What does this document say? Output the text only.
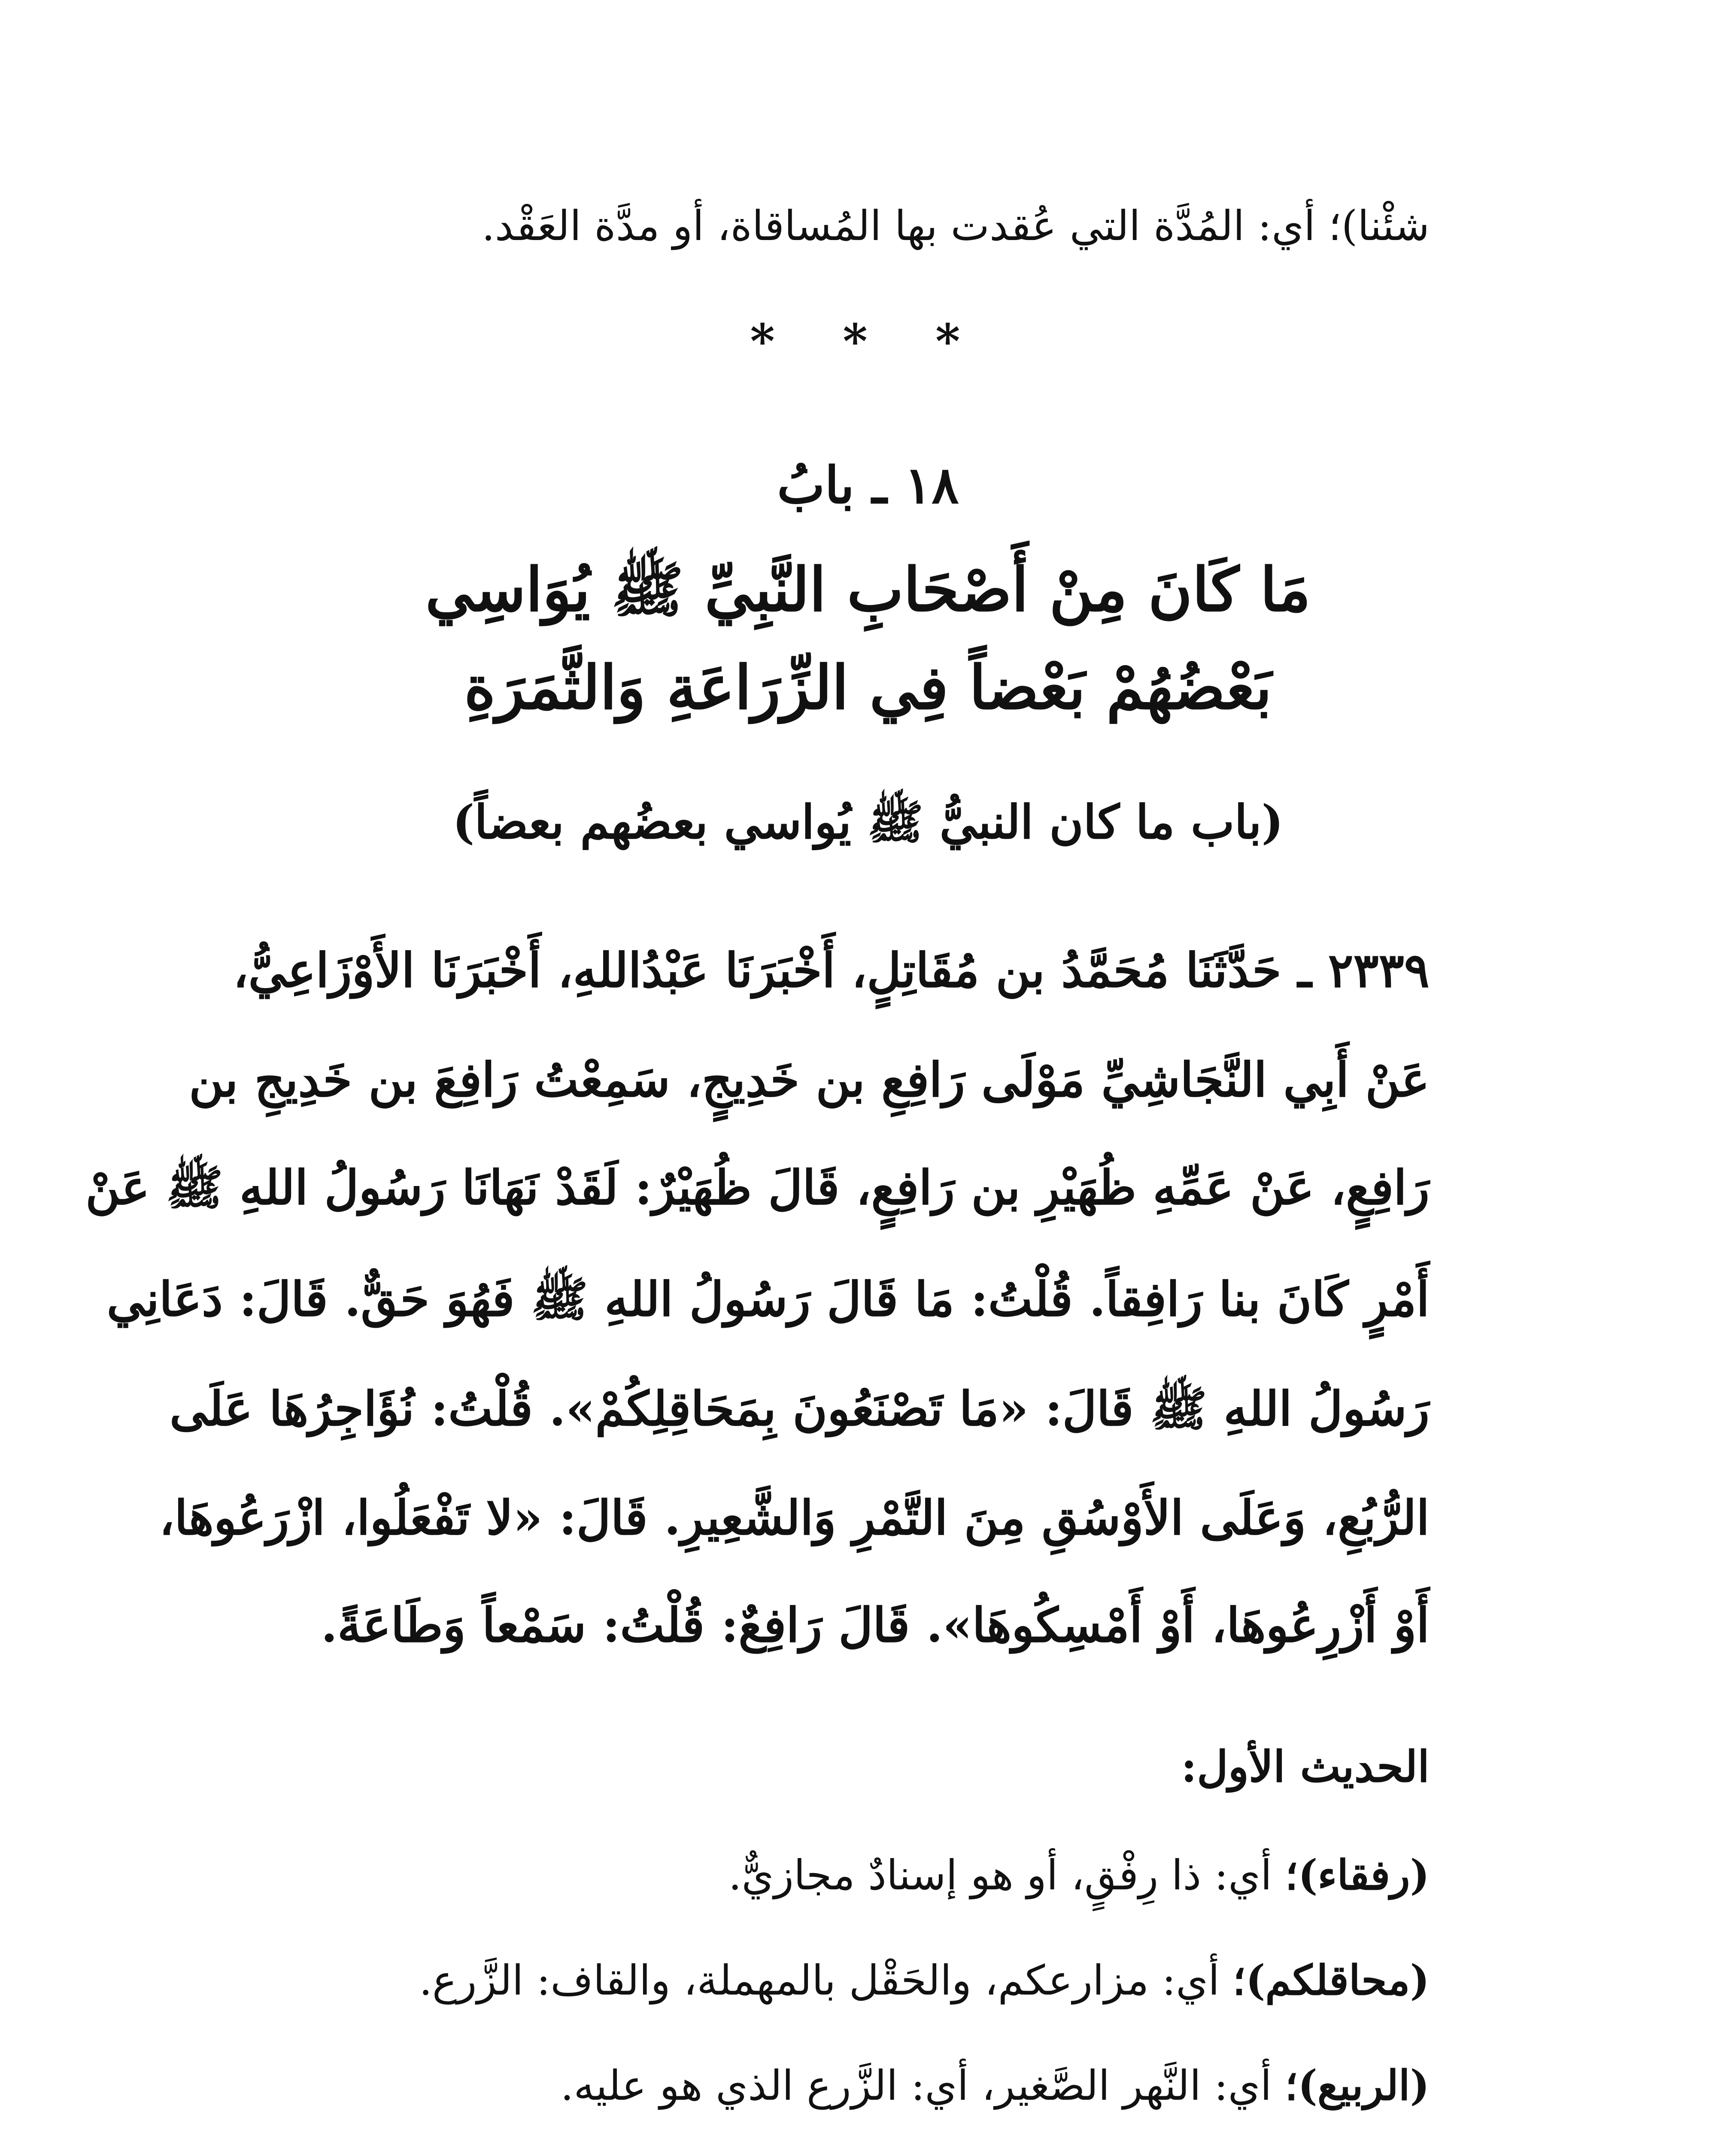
شئْنا)؛ أي: المُدَّة التي عُقدت بها المُساقاة، أو مدَّة العَقْد.
* * *
١٨ ـ بابُ
مَا كَانَ مِنْ أَصْحَابِ النَّبِيِّ ﷺ يُوَاسِي
بَعْضُهُمْ بَعْضاً فِي الزِّرَاعَةِ وَالثَّمَرَةِ
(باب ما كان النبيُّ ﷺ يُواسي بعضُهم بعضاً)
٢٣٣٩ ـ حَدَّثَنَا مُحَمَّدُ بن مُقَاتِلٍ، أَخْبَرَنَا عَبْدُاللهِ، أَخْبَرَنَا الأَوْزَاعِيُّ،
عَنْ أَبِي النَّجَاشِيِّ مَوْلَى رَافِعِ بن خَدِيجٍ، سَمِعْتُ رَافِعَ بن خَدِيجِ بن
رَافِعٍ، عَنْ عَمِّهِ ظُهَيْرِ بن رَافِعٍ، قَالَ ظُهَيْرٌ: لَقَدْ نَهَانَا رَسُولُ اللهِ ﷺ عَنْ
أَمْرٍ كَانَ بنا رَافِقاً. قُلْتُ: مَا قَالَ رَسُولُ اللهِ ﷺ فَهُوَ حَقٌّ. قَالَ: دَعَانِي
رَسُولُ اللهِ ﷺ قَالَ: «مَا تَصْنَعُونَ بِمَحَاقِلِكُمْ». قُلْتُ: نُؤَاجِرُهَا عَلَى
الرُّبُعِ، وَعَلَى الأَوْسُقِ مِنَ التَّمْرِ وَالشَّعِيرِ. قَالَ: «لا تَفْعَلُوا، ازْرَعُوهَا،
أَوْ أَزْرِعُوهَا، أَوْ أَمْسِكُوهَا». قَالَ رَافِعٌ: قُلْتُ: سَمْعاً وَطَاعَةً.
الحديث الأول:
(رفقاء)؛ أي: ذا رِفْقٍ، أو هو إسنادٌ مجازيٌّ.
(محاقلكم)؛ أي: مزارعكم، والحَقْل بالمهملة، والقاف: الزَّرع.
(الربيع)؛ أي: النَّهر الصَّغير، أي: الزَّرع الذي هو عليه.
